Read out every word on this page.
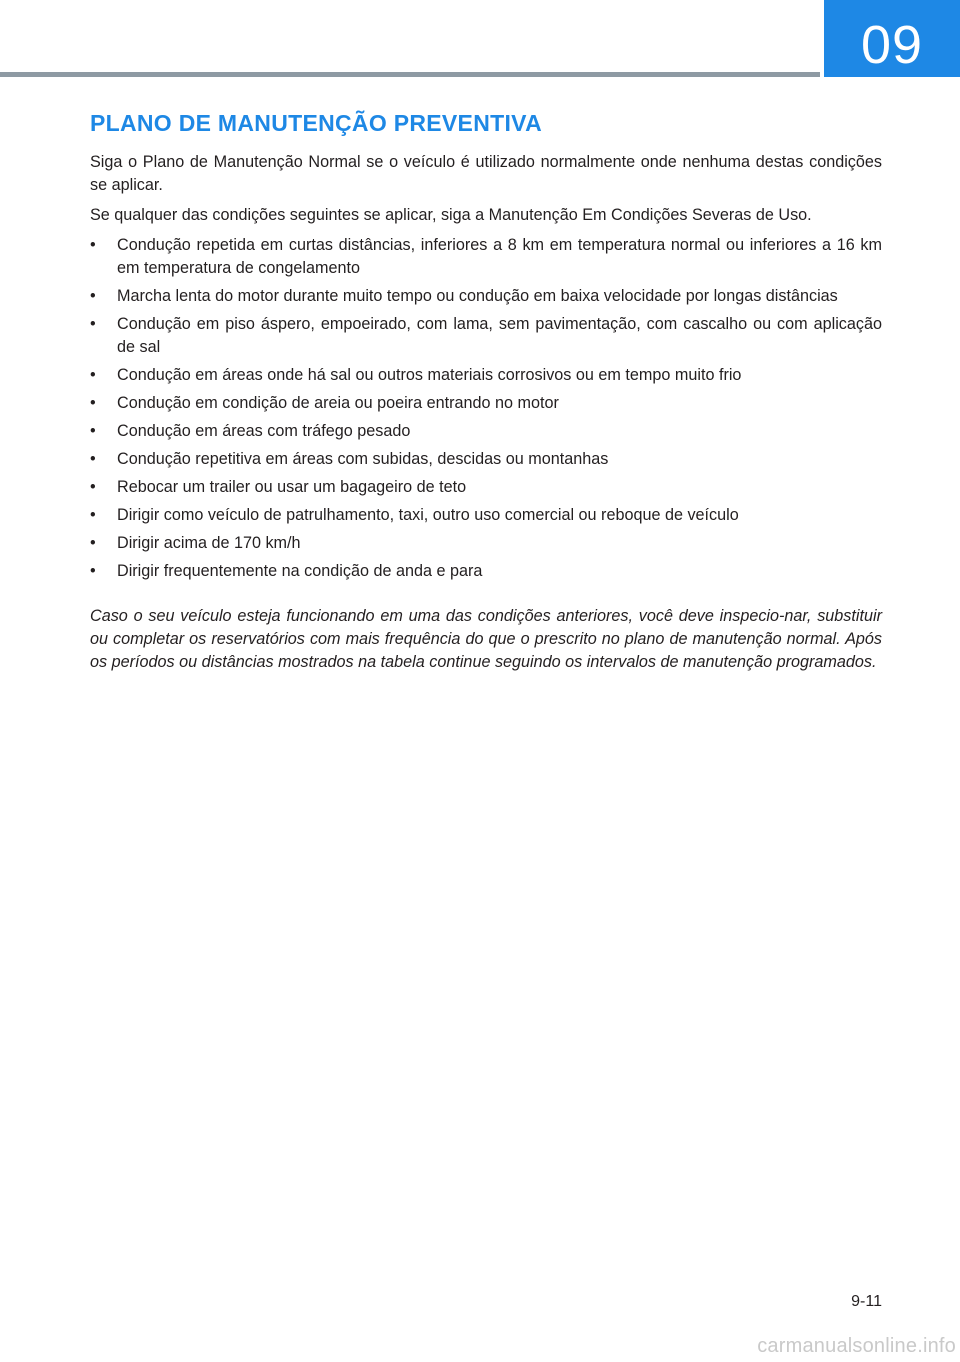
09
PLANO DE MANUTENÇÃO PREVENTIVA

Siga o Plano de Manutenção Normal se o veículo é utilizado normalmente onde nenhuma destas condições se aplicar.

Se qualquer das condições seguintes se aplicar, siga a Manutenção Em Condições Severas de Uso.

• Condução repetida em curtas distâncias, inferiores a 8 km em temperatura normal ou inferiores a 16 km em temperatura de congelamento
• Marcha lenta do motor durante muito tempo ou condução em baixa velocidade por longas distâncias
• Condução em piso áspero, empoeirado, com lama, sem pavimentação, com cascalho ou com aplicação de sal
• Condução em áreas onde há sal ou outros materiais corrosivos ou em tempo muito frio
• Condução em condição de areia ou poeira entrando no motor
• Condução em áreas com tráfego pesado
• Condução repetitiva em áreas com subidas, descidas ou montanhas
• Rebocar um trailer ou usar um bagageiro de teto
• Dirigir como veículo de patrulhamento, taxi, outro uso comercial ou reboque de veículo
• Dirigir acima de 170 km/h
• Dirigir frequentemente na condição de anda e para

Caso o seu veículo esteja funcionando em uma das condições anteriores, você deve inspecio-nar, substituir ou completar os reservatórios com mais frequência do que o prescrito no plano de manutenção normal. Após os períodos ou distâncias mostrados na tabela continue seguindo os intervalos de manutenção programados.

9-11
carmanualsonline.info
